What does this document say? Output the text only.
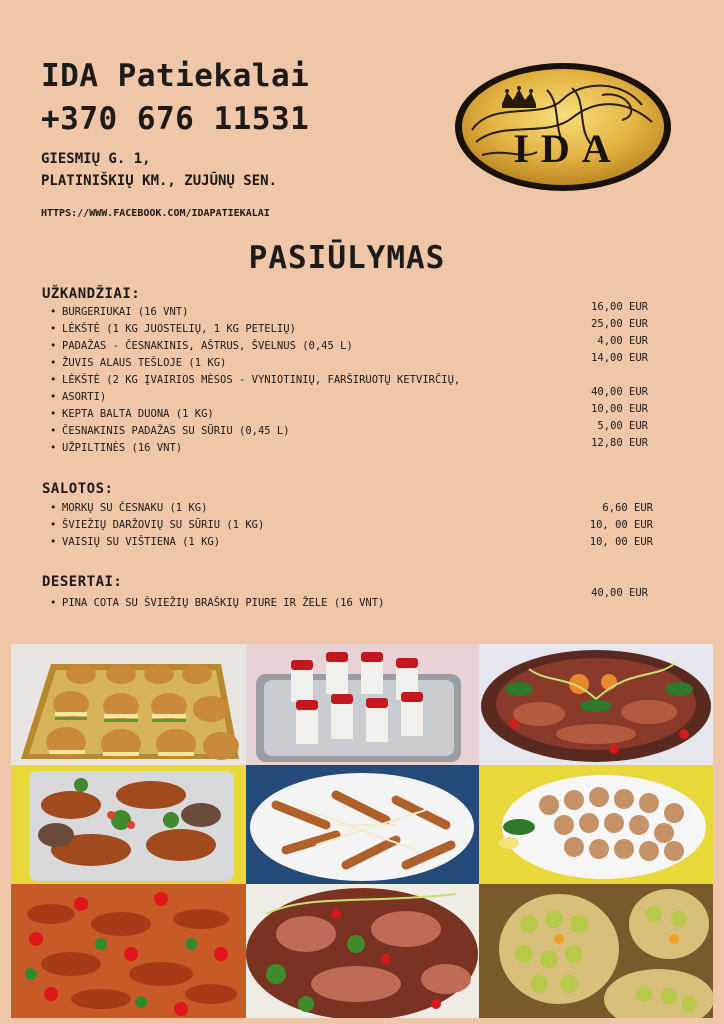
IDA Patiekalai
+370 676 11531
GIESMIŲ G. 1,
PLATINIŠKIŲ KM., ZUJŪNŲ SEN.
HTTPS://WWW.FACEBOOK.COM/IDAPATIEKALAI
IDA
PASIŪLYMAS
UŽKANDŽIAI:
• BURGERIUKAI (16 VNT)
• LĖKŠTĖ (1 KG JUOSTELIŲ, 1 KG PETELIŲ)
• PADAŽAS - ČESNAKINIS, AŠTRUS, ŠVELNUS (0,45 L)
• ŽUVIS ALAUS TEŠLOJE (1 KG)
• LĖKŠTĖ (2 KG ĮVAIRIOS MĖSOS - VYNIOTINIŲ, FARŠIRUOTŲ KETVIRČIŲ,
• ASORTI)
• KEPTA BALTA DUONA (1 KG)
• ČESNAKINIS PADAŽAS SU SŪRIU (0,45 L)
• UŽPILTINĖS (16 VNT)
16,00 EUR
25,00 EUR
4,00 EUR
14,00 EUR

40,00 EUR
10,00 EUR
5,00 EUR
12,80 EUR
SALOTOS:
• MORKŲ SU ČESNAKU (1 KG)
• ŠVIEŽIŲ DARŽOVIŲ SU SŪRIU (1 KG)
• VAISIŲ SU VIŠTIENA (1 KG)
6,60 EUR
10, 00 EUR
10, 00 EUR
DESERTAI:
• PINA COTA SU ŠVIEŽIŲ BRAŠKIŲ PIURE IR ŽELE (16 VNT)
40,00 EUR
